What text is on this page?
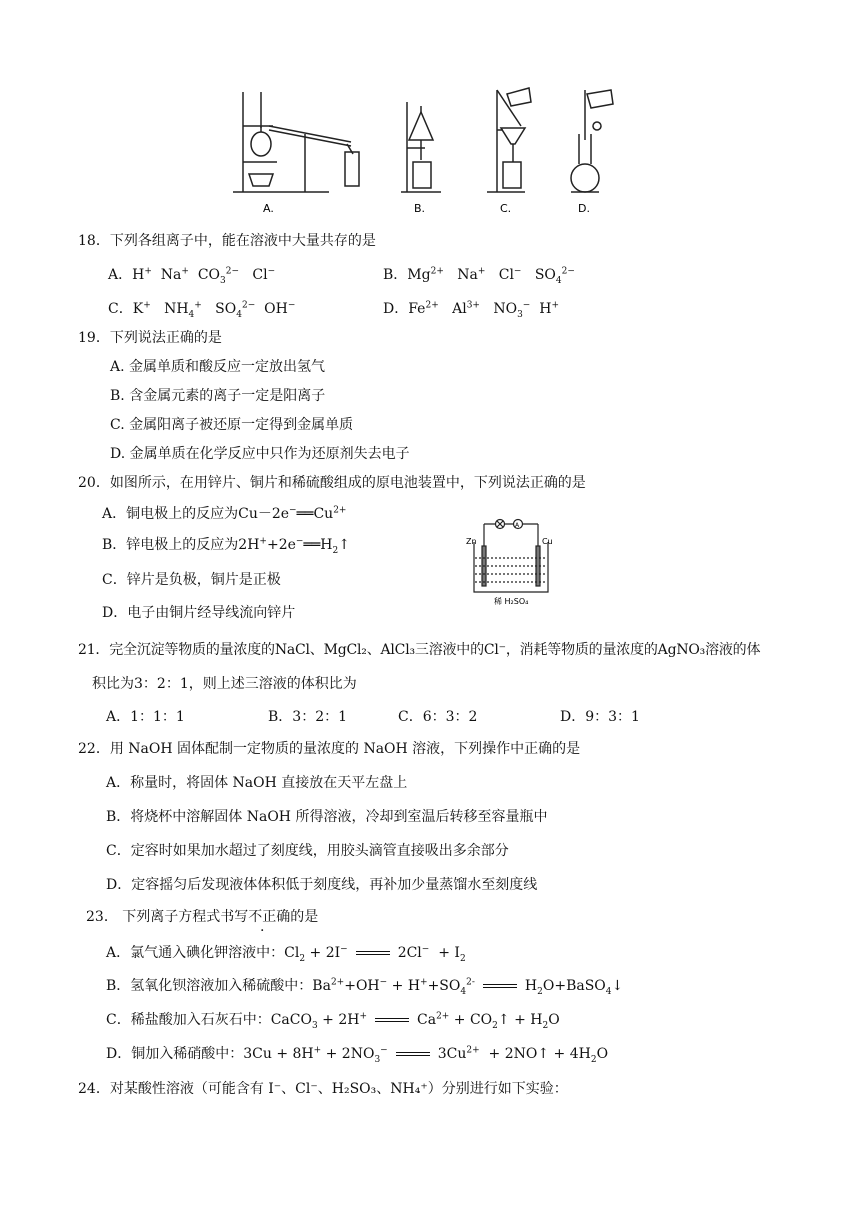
A.	B.	C.	D.
18．下列各组离子中，能在溶液中大量共存的是
A．H+  Na+  $CO_3^{2-}$   Cl−	B．$Mg^{2+}$   Na+   Cl−   $SO_4^{2-}$
C．K+   $NH_4^+$   $SO_4^{2-}$  OH−	D．$Fe^{2+}$   $Al^{3+}$   $NO_3^-$  H+
19．下列说法正确的是
A. 金属单质和酸反应一定放出氢气
B. 含金属元素的离子一定是阳离子
C. 金属阳离子被还原一定得到金属单质
D. 金属单质在化学反应中只作为还原剂失去电子
20．如图所示，在用锌片、铜片和稀硫酸组成的原电池装置中，下列说法正确的是
A．铜电极上的反应为$Cu-2e^-══Cu^{2+}$
B．锌电极上的反应为$2H^++2e^-══H_2↑$
C．锌片是负极，铜片是正极
D．电子由铜片经导线流向锌片
A
Zn	Cu
稀 H₂SO₄
21．完全沉淀等物质的量浓度的NaCl、MgCl₂、AlCl₃三溶液中的Cl⁻，消耗等物质的量浓度的AgNO₃溶液的体
积比为3：2：1，则上述三溶液的体积比为
A．1：1：1	B．3：2：1	C．6：3：2	D．9：3：1
22．用 NaOH 固体配制一定物质的量浓度的 NaOH 溶液，下列操作中正确的是
A．称量时，将固体 NaOH 直接放在天平左盘上
B．将烧杯中溶解固体 NaOH 所得溶液，冷却到室温后转移至容量瓶中
C．定容时如果加水超过了刻度线，用胶头滴管直接吸出多余部分
D．定容摇匀后发现液体体积低于刻度线，再补加少量蒸馏水至刻度线
23． 下列离子方程式书写不正确的是
A．氯气通入碘化钾溶液中：$Cl_2 + 2I^-$	$2Cl^- + I_2$
B．氢氧化钡溶液加入稀硫酸中：$Ba^{2+}+OH^- + H^++SO_4^{2-}$	$H_2O+BaSO_4↓$
C．稀盐酸加入石灰石中：CaCO$_3$ + 2H+	$Ca^{2+}$ + $CO_2↑ + H_2O$
D．铜加入稀硝酸中：$3Cu + 8H^+ + 2NO_3^-$	$3Cu^{2+}$  + 2NO↑ + $4H_2O$
24．对某酸性溶液（可能含有 I⁻、Cl⁻、H₂SO₃、NH₄⁺）分别进行如下实验：
